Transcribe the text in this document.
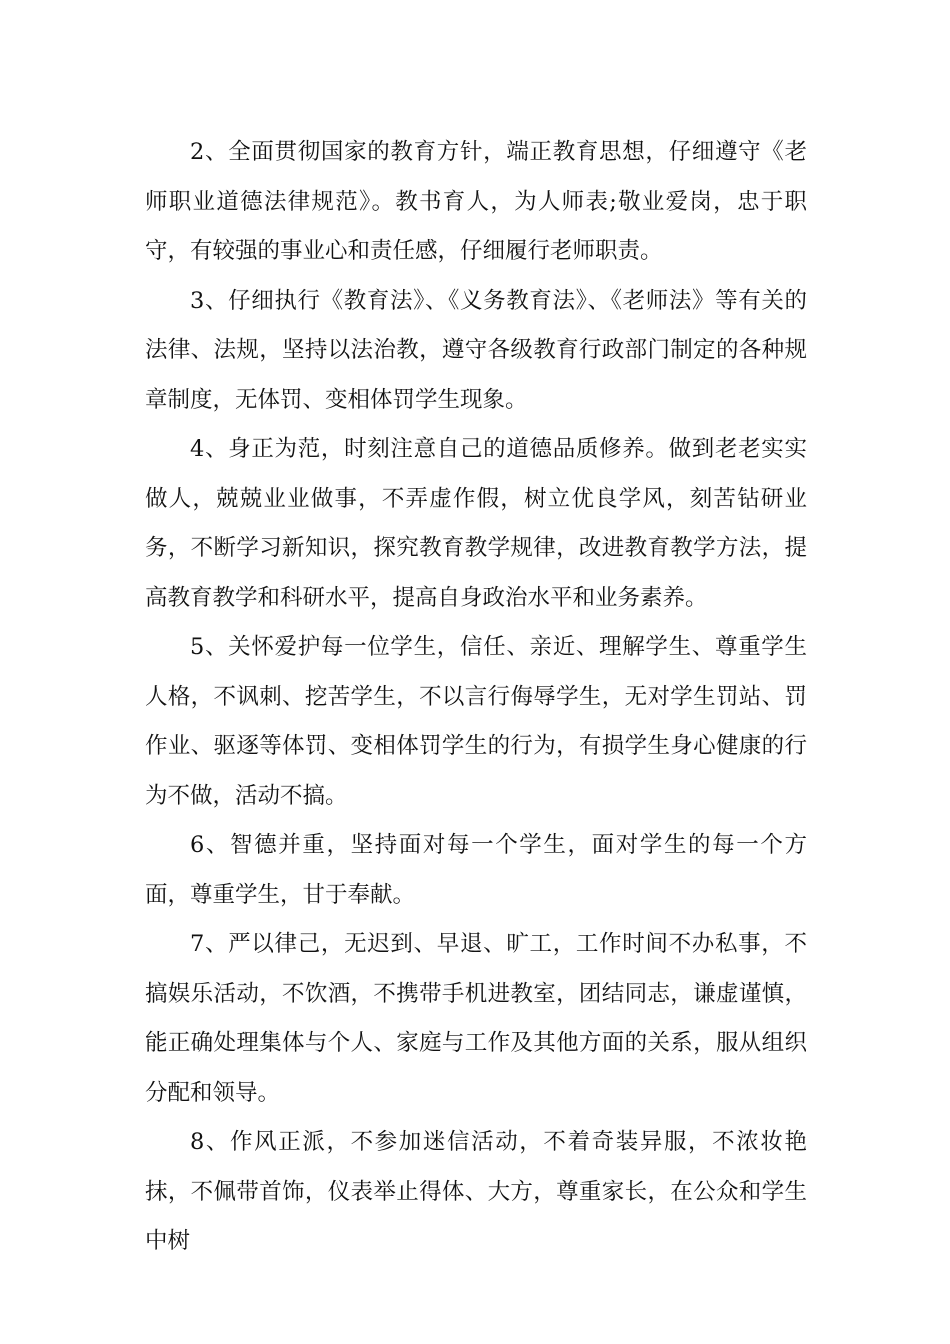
2、全面贯彻国家的教育方针，端正教育思想，仔细遵守《老师职业道德法律规范》。教书育人，为人师表;敬业爱岗，忠于职守，有较强的事业心和责任感，仔细履行老师职责。

3、仔细执行《教育法》、《义务教育法》、《老师法》等有关的法律、法规，坚持以法治教，遵守各级教育行政部门制定的各种规章制度，无体罚、变相体罚学生现象。

4、身正为范，时刻注意自己的道德品质修养。做到老老实实做人，兢兢业业做事，不弄虚作假，树立优良学风，刻苦钻研业务，不断学习新知识，探究教育教学规律，改进教育教学方法，提高教育教学和科研水平，提高自身政治水平和业务素养。

5、关怀爱护每一位学生，信任、亲近、理解学生、尊重学生人格，不讽刺、挖苦学生，不以言行侮辱学生，无对学生罚站、罚作业、驱逐等体罚、变相体罚学生的行为，有损学生身心健康的行为不做，活动不搞。

6、智德并重，坚持面对每一个学生，面对学生的每一个方面，尊重学生，甘于奉献。

7、严以律己，无迟到、早退、旷工，工作时间不办私事，不搞娱乐活动，不饮酒，不携带手机进教室，团结同志，谦虚谨慎，能正确处理集体与个人、家庭与工作及其他方面的关系，服从组织分配和领导。

8、作风正派，不参加迷信活动，不着奇装异服，不浓妆艳抹，不佩带首饰，仪表举止得体、大方，尊重家长，在公众和学生中树
